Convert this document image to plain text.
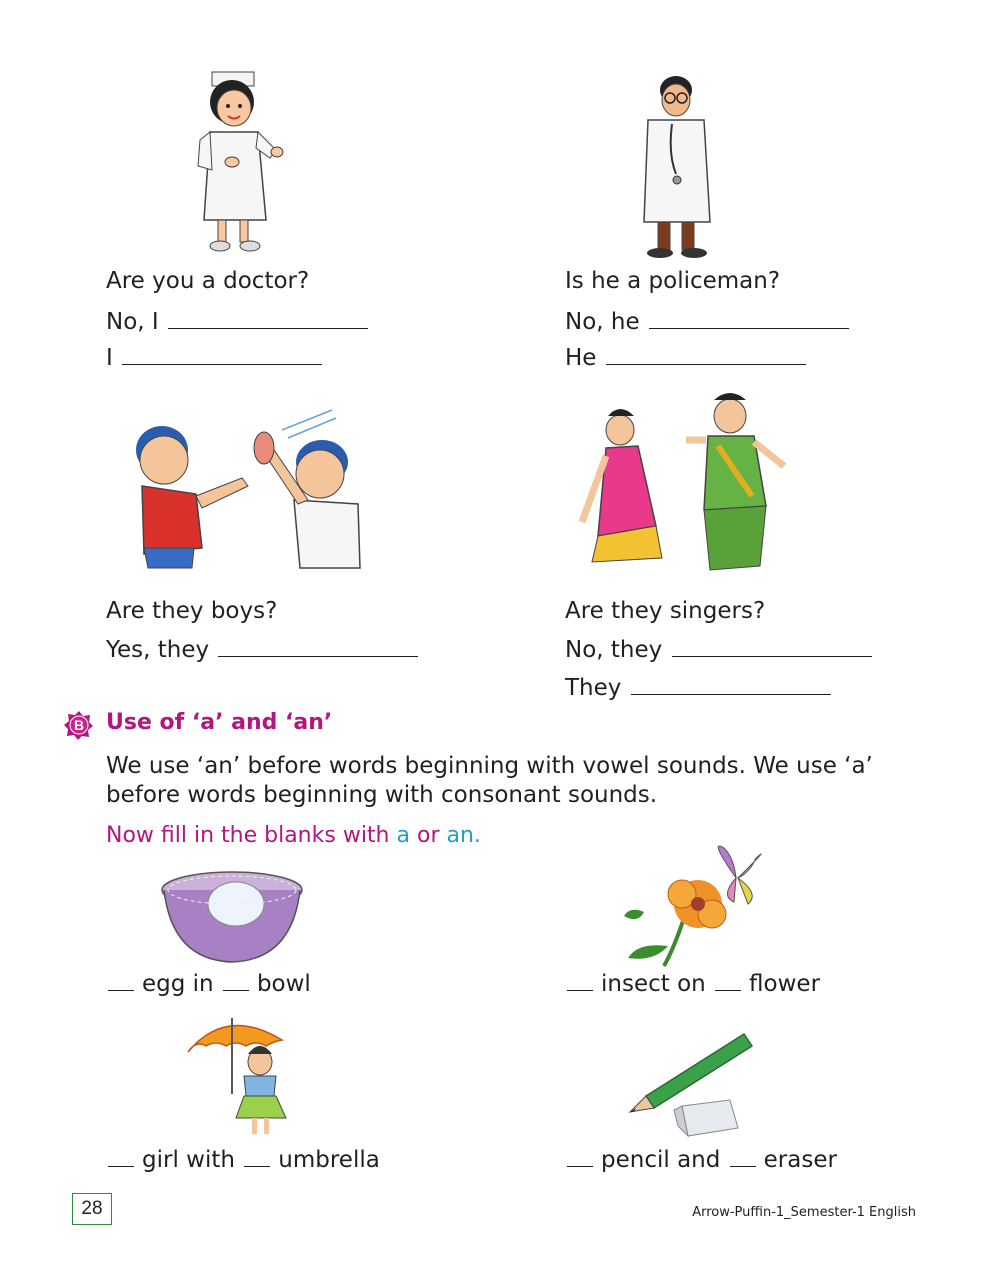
Are you a doctor?
No, I
I
Is he a policeman?
No, he
He
Are they boys?
Yes, they
Are they singers?
No, they
They
B Use of ‘a’ and ‘an’
We use ‘an’ before words beginning with vowel sounds. We use ‘a’ before words beginning with consonant sounds.
Now fill in the blanks with a or an.
egg in bowl	insect on flower
girl with umbrella	pencil and eraser
28	Arrow-Puffin-1_Semester-1 English
